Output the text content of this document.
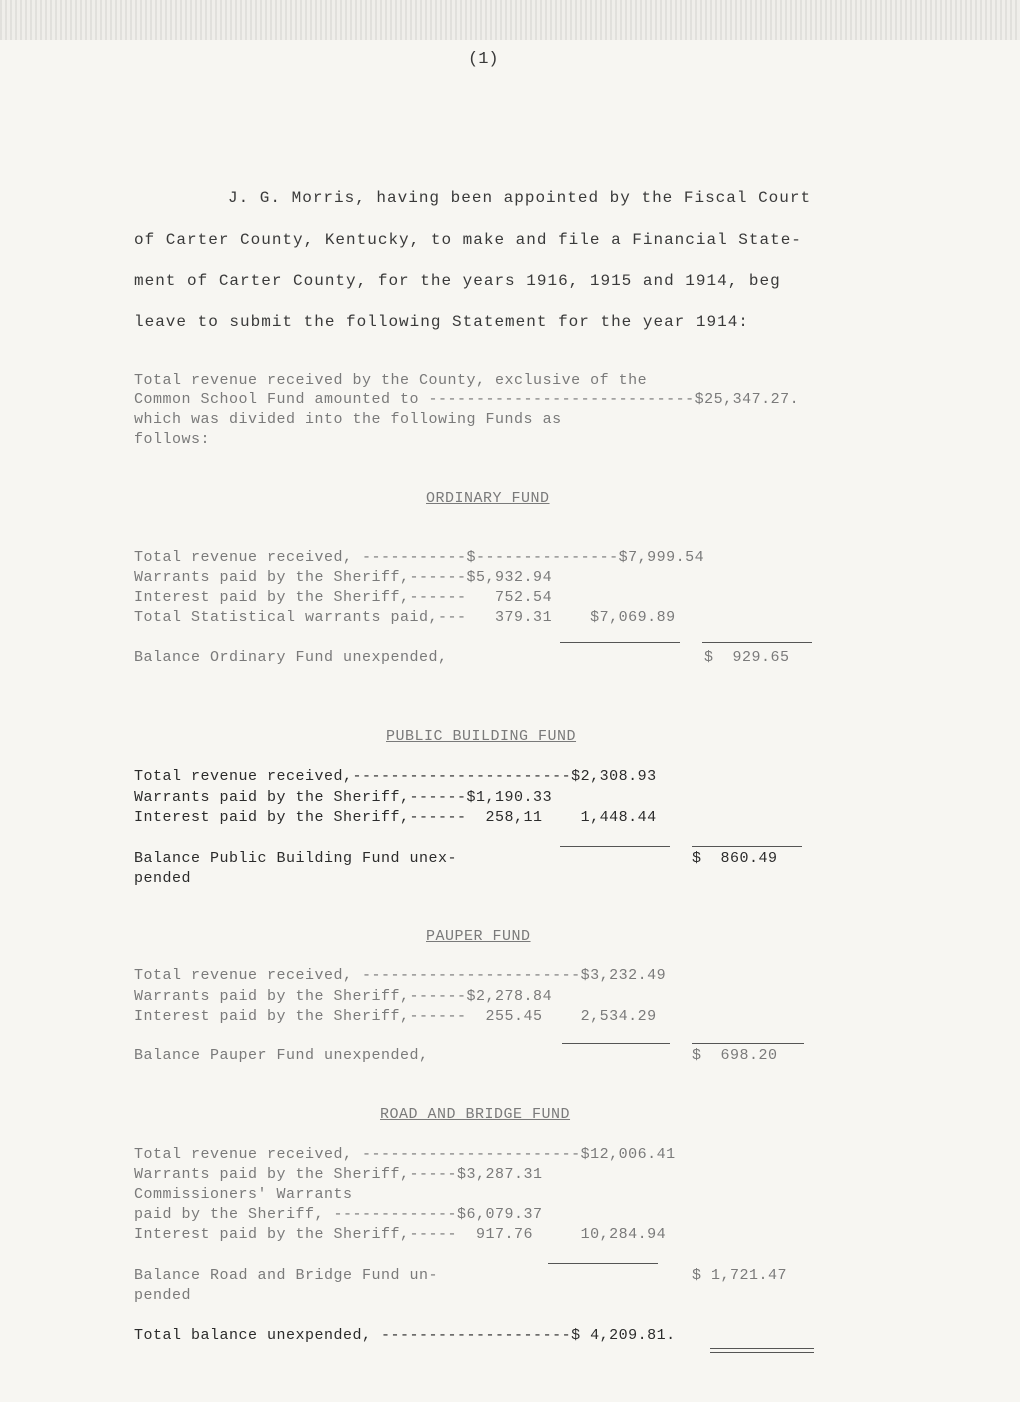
(1)
J. G. Morris, having been appointed by the Fiscal Court
of Carter County, Kentucky, to make and file a Financial State-
ment of Carter County, for the years 1916, 1915 and 1914, beg
leave to submit the following Statement for the year 1914:
Total revenue received by the County, exclusive of the
Common School Fund amounted to ----------------------------$25,347.27.
which was divided into the following Funds as
follows:
ORDINARY FUND
Total revenue received, -----------$---------------$7,999.54
Warrants paid by the Sheriff,------$5,932.94
Interest paid by the Sheriff,------   752.54
Total Statistical warrants paid,---   379.31    $7,069.89
Balance Ordinary Fund unexpended,	$  929.65
PUBLIC BUILDING FUND
Total revenue received,-----------------------$2,308.93
Warrants paid by the Sheriff,------$1,190.33
Interest paid by the Sheriff,------  258,11    1,448.44
Balance Public Building Fund unex-
pended
$  860.49
PAUPER FUND
Total revenue received, -----------------------$3,232.49
Warrants paid by the Sheriff,------$2,278.84
Interest paid by the Sheriff,------  255.45    2,534.29
Balance Pauper Fund unexpended,	$  698.20
ROAD AND BRIDGE FUND
Total revenue received, -----------------------$12,006.41
Warrants paid by the Sheriff,-----$3,287.31
Commissioners' Warrants
paid by the Sheriff, -------------$6,079.37
Interest paid by the Sheriff,-----  917.76     10,284.94
Balance Road and Bridge Fund un-
pended
$ 1,721.47
Total balance unexpended, --------------------$ 4,209.81.
